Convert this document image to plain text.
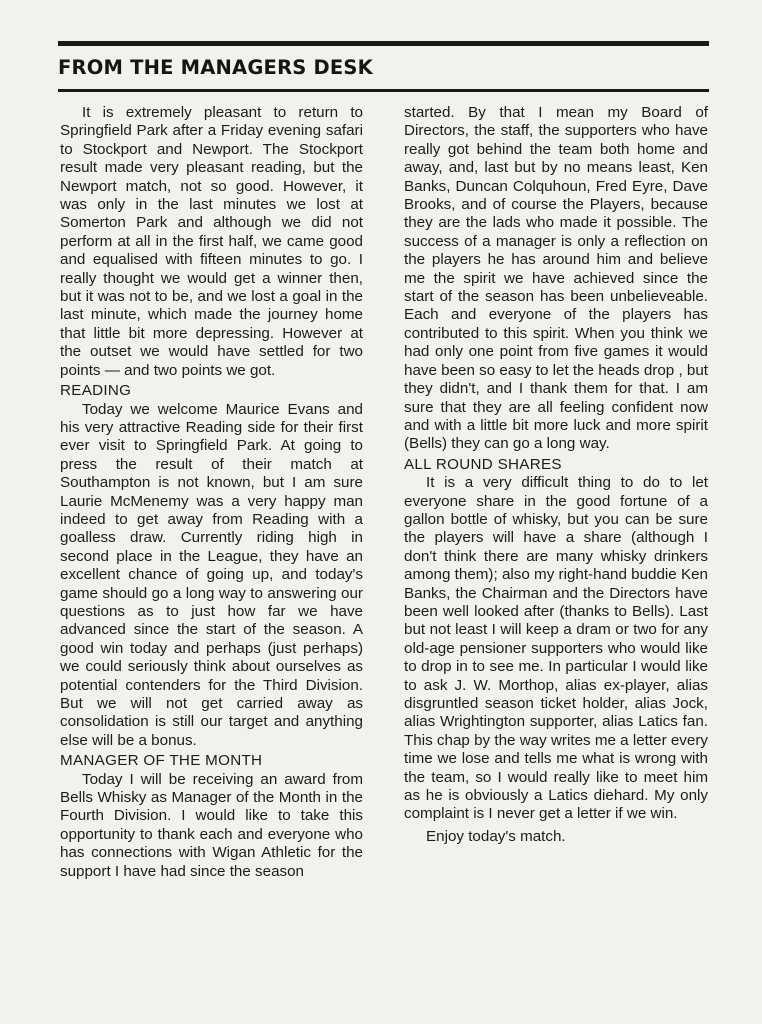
FROM THE MANAGERS DESK

It is extremely pleasant to return to Springfield Park after a Friday evening safari to Stockport and Newport. The Stockport result made very pleasant reading, but the Newport match, not so good. However, it was only in the last minutes we lost at Somerton Park and although we did not perform at all in the first half, we came good and equalised with fifteen minutes to go. I really thought we would get a winner then, but it was not to be, and we lost a goal in the last minute, which made the journey home that little bit more depressing. However at the outset we would have settled for two points — and two points we got.

READING

Today we welcome Maurice Evans and his very attractive Reading side for their first ever visit to Springfield Park. At going to press the result of their match at Southampton is not known, but I am sure Laurie McMenemy was a very happy man indeed to get away from Reading with a goalless draw. Currently riding high in second place in the League, they have an excellent chance of going up, and today's game should go a long way to answering our questions as to just how far we have advanced since the start of the season. A good win today and perhaps (just perhaps) we could seriously think about ourselves as potential contenders for the Third Division. But we will not get carried away as consolidation is still our target and anything else will be a bonus.

MANAGER OF THE MONTH

Today I will be receiving an award from Bells Whisky as Manager of the Month in the Fourth Division. I would like to take this opportunity to thank each and everyone who has connections with Wigan Athletic for the support I have had since the season

started. By that I mean my Board of Directors, the staff, the supporters who have really got behind the team both home and away, and, last but by no means least, Ken Banks, Duncan Colquhoun, Fred Eyre, Dave Brooks, and of course the Players, because they are the lads who made it possible. The success of a manager is only a reflection on the players he has around him and believe me the spirit we have achieved since the start of the season has been unbelieveable. Each and everyone of the players has contributed to this spirit. When you think we had only one point from five games it would have been so easy to let the heads drop , but they didn't, and I thank them for that. I am sure that they are all feeling confident now and with a little bit more luck and more spirit (Bells) they can go a long way.

ALL ROUND SHARES

It is a very difficult thing to do to let everyone share in the good fortune of a gallon bottle of whisky, but you can be sure the players will have a share (although I don't think there are many whisky drinkers among them); also my right-hand buddie Ken Banks, the Chairman and the Directors have been well looked after (thanks to Bells). Last but not least I will keep a dram or two for any old-age pensioner supporters who would like to drop in to see me. In particular I would like to ask J. W. Morthop, alias ex-player, alias disgruntled season ticket holder, alias Jock, alias Wrightington supporter, alias Latics fan. This chap by the way writes me a letter every time we lose and tells me what is wrong with the team, so I would really like to meet him as he is obviously a Latics diehard. My only complaint is I never get a letter if we win.

Enjoy today's match.
